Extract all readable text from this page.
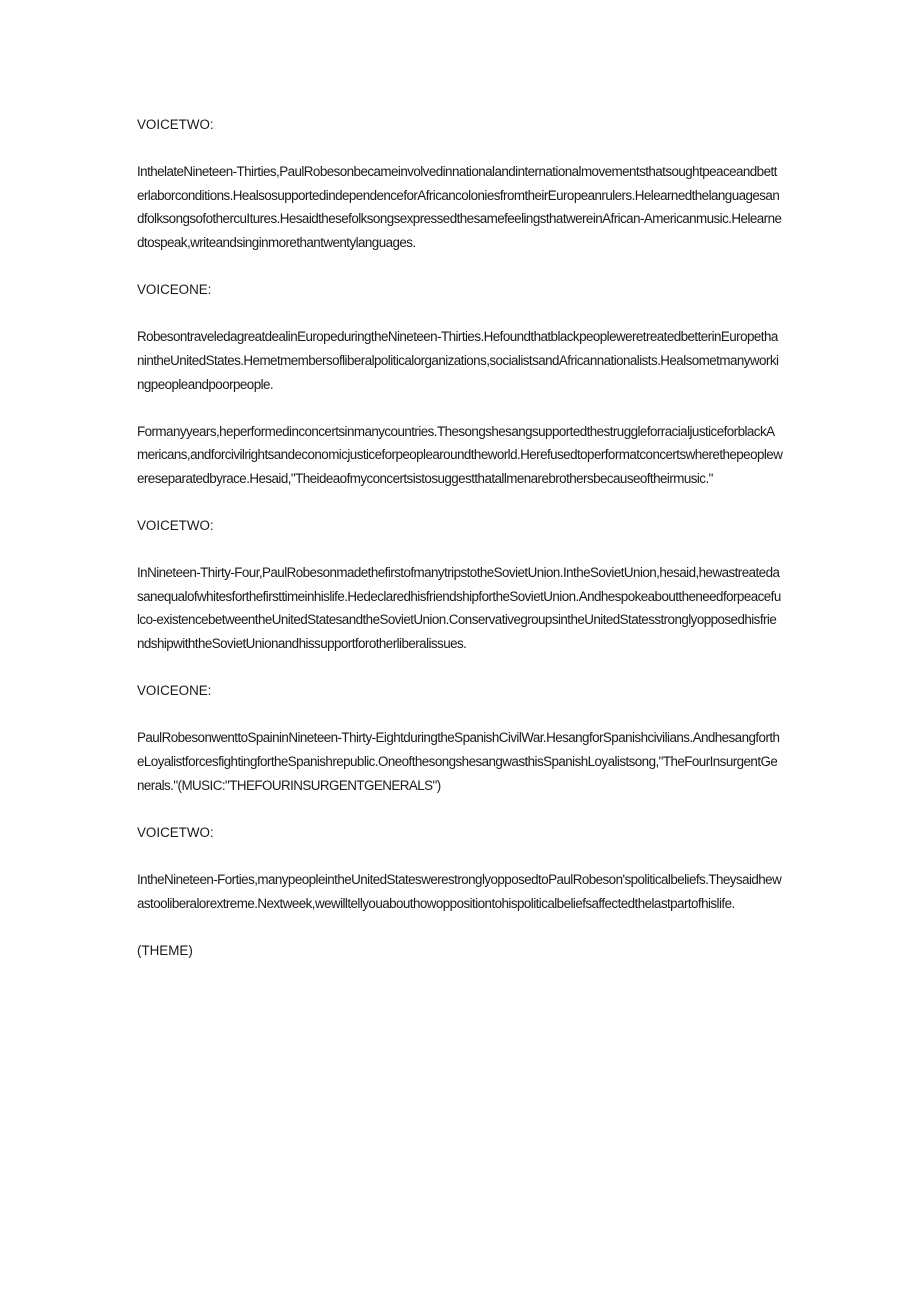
VOICETWO:

InthelateNineteen-Thirties,PaulRobesonbecameinvolvedinnationalandinternationalmovementsthatsoughtpeaceandbetterlaborconditions.HealsosupportedindependenceforAfricancoloniesfromtheirEuropeanrulers.HelearnedthelanguagesandfolksongsofothercuItures.HesaidthesefolksongsexpressedthesamefeelingsthatwereinAfrican-Americanmusic.Helearnedtospeak,writeandsinginmorethantwentylanguages.

VOICEONE:

RobesontraveledagreatdealinEuropeduringtheNineteen-Thirties.HefoundthatblackpeopleweretreatedbetterinEuropethanintheUnitedStates.Hemetmembersofliberalpoliticalorganizations,socialistsandAfricannationalists.Healsometmanyworkingpeopleandpoorpeople.

Formanyyears,heperformedinconcertsinmanycountries.ThesongshesangsupportedthestruggleforracialjusticeforblackAmericans,andforcivilrightsandeconomicjusticeforpeoplearoundtheworld.Herefusedtoperformatconcertswherethepeoplewereseparatedbyrace.Hesaid,"Theideaofmyconcertsistosuggestthatallmenarebrothersbecauseoftheirmusic."

VOICETWO:

InNineteen-Thirty-Four,PaulRobesonmadethefirstofmanytripstotheSovietUnion.IntheSovietUnion,hesaid,hewastreatedasanequalofwhitesforthefirsttimeinhislife.HedeclaredhisfriendshipfortheSovietUnion.Andhespokeabouttheneedforpeacefulco-existencebetweentheUnitedStatesandtheSovietUnion.ConservativegroupsintheUnitedStatesstronglyopposedhisfriendshipwiththeSovietUnionandhissupportforotherliberalissues.

VOICEONE:

PaulRobesonwenttoSpaininNineteen-Thirty-EightduringtheSpanishCivilWar.HesangforSpanishcivilians.AndhesangfortheLoyalistforcesfightingfortheSpanishrepublic.OneofthesongshesangwasthisSpanishLoyalistsong,"TheFourInsurgentGenerals."(MUSIC:"THEFOURINSURGENTGENERALS")

VOICETWO:

IntheNineteen-Forties,manypeopleintheUnitedStateswerestronglyopposedtoPaulRobeson'spoliticalbeliefs.Theysaidhewastooliberalorextreme.Nextweek,wewilltellyouabouthowoppositiontohispoliticalbeliefsaffectedthelastpartofhislife.

(THEME)
